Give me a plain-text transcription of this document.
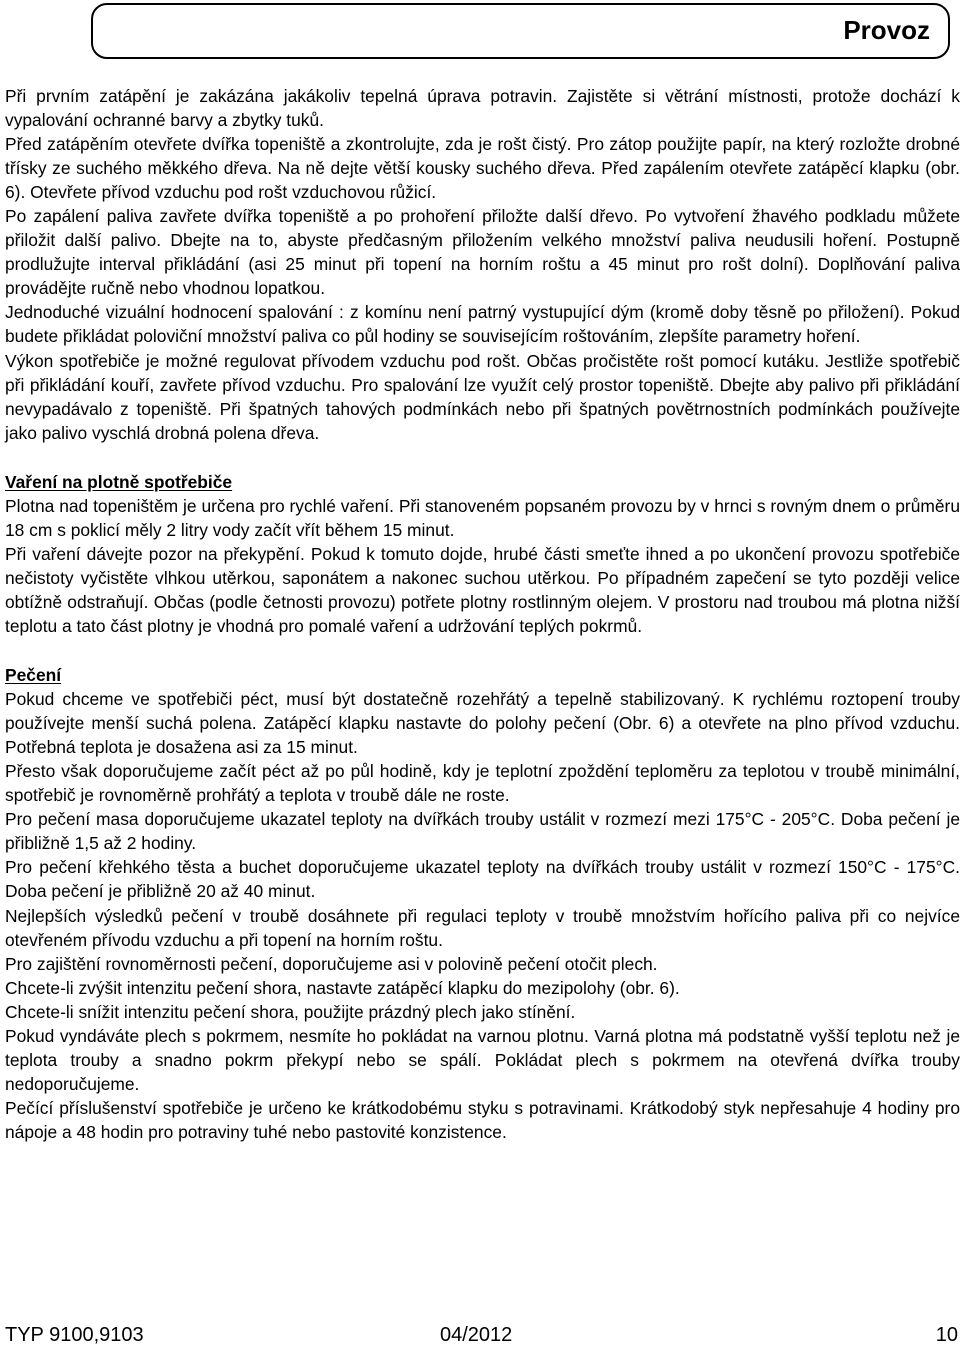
Provoz

Při prvním zatápění je zakázána jakákoliv tepelná úprava potravin. Zajistěte si větrání místnosti, protože dochází k vypalování ochranné barvy a zbytky tuků.

Před zatápěním otevřete dvířka topeniště a zkontrolujte, zda je rošt čistý. Pro zátop použijte papír, na který rozložte drobné třísky ze suchého měkkého dřeva. Na ně dejte větší kousky suchého dřeva. Před zapálením otevřete zatápěcí klapku (obr. 6). Otevřete přívod vzduchu pod rošt vzduchovou růžicí.

Po zapálení paliva zavřete dvířka topeniště a po prohoření přiložte další dřevo. Po vytvoření žhavého podkladu můžete přiložit další palivo. Dbejte na to, abyste předčasným přiložením velkého množství paliva neudusili hoření. Postupně prodlužujte interval přikládání (asi 25 minut při topení na horním roštu a 45 minut pro rošt dolní). Doplňování paliva provádějte ručně nebo vhodnou lopatkou.

Jednoduché vizuální hodnocení spalování : z komínu není patrný vystupující dým (kromě doby těsně po přiložení). Pokud budete přikládat poloviční množství paliva co půl hodiny se souvisejícím roštováním, zlepšíte parametry hoření.

Výkon spotřebiče je možné regulovat přívodem vzduchu pod rošt. Občas pročistěte rošt pomocí kutáku. Jestliže spotřebič při přikládání kouří, zavřete přívod vzduchu. Pro spalování lze využít celý prostor topeniště. Dbejte aby palivo při přikládání nevypadávalo z topeniště. Při špatných tahových podmínkách nebo při špatných povětrnostních podmínkách používejte jako palivo vyschlá drobná polena dřeva.

Vaření na plotně spotřebiče

Plotna nad topeništěm je určena pro rychlé vaření. Při stanoveném popsaném provozu by v hrnci s rovným dnem o průměru 18 cm s poklicí měly 2 litry vody začít vřít během 15 minut.

Při vaření dávejte pozor na překypění. Pokud k tomuto dojde, hrubé části smeťte ihned a po ukončení provozu spotřebiče nečistoty vyčistěte vlhkou utěrkou, saponátem a nakonec suchou utěrkou. Po případném zapečení se tyto později velice obtížně odstraňují. Občas (podle četnosti provozu) potřete plotny rostlinným olejem. V prostoru nad troubou má plotna nižší teplotu a tato část plotny je vhodná pro pomalé vaření a udržování teplých pokrmů.

Pečení

Pokud chceme ve spotřebiči péct, musí být dostatečně rozehřátý a tepelně stabilizovaný. K rychlému roztopení trouby používejte menší suchá polena. Zatápěcí klapku nastavte do polohy pečení (Obr. 6) a otevřete na plno přívod vzduchu. Potřebná teplota je dosažena asi za 15 minut.

Přesto však doporučujeme začít péct až po půl hodině, kdy je teplotní zpoždění teploměru za teplotou v troubě minimální, spotřebič je rovnoměrně prohřátý a teplota v troubě dále ne roste.

Pro pečení masa doporučujeme ukazatel teploty na dvířkách trouby ustálit v rozmezí mezi 175°C - 205°C. Doba pečení je přibližně 1,5 až 2 hodiny.

Pro pečení křehkého těsta a buchet doporučujeme ukazatel teploty na dvířkách trouby ustálit v rozmezí 150°C - 175°C. Doba pečení je přibližně 20 až 40 minut.

Nejlepších výsledků pečení v troubě dosáhnete při regulaci teploty v troubě množstvím hořícího paliva při co nejvíce otevřeném přívodu vzduchu a při topení na horním roštu.

Pro zajištění rovnoměrnosti pečení, doporučujeme asi v polovině pečení otočit plech.

Chcete-li zvýšit intenzitu pečení shora, nastavte zatápěcí klapku do mezipolohy (obr. 6).

Chcete-li snížit intenzitu pečení shora, použijte prázdný plech jako stínění.

Pokud vyndáváte plech s pokrmem, nesmíte ho pokládat na varnou plotnu. Varná plotna má podstatně vyšší teplotu než je teplota trouby a snadno pokrm překypí nebo se spálí. Pokládat plech s pokrmem na otevřená dvířka trouby nedoporučujeme.

Pečící příslušenství spotřebiče je určeno ke krátkodobému styku s potravinami. Krátkodobý styk nepřesahuje 4 hodiny pro nápoje a 48 hodin pro potraviny tuhé nebo pastovité konzistence.

TYP 9100,9103	04/2012	10
